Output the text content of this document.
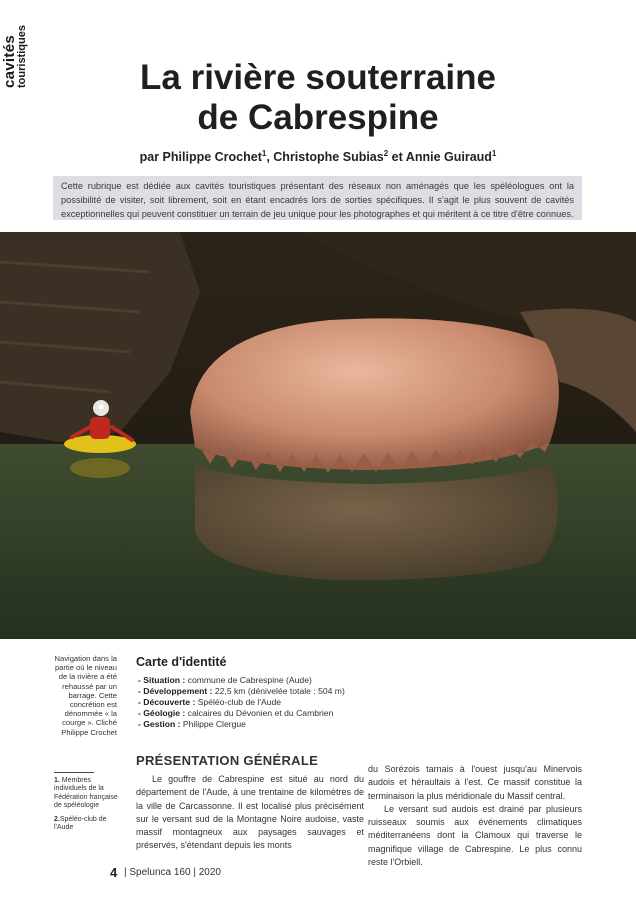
cavités
touristiques	La rivière souterraine
de Cabrespine
par Philippe Crochet$^1$, Christophe Subias$^2$ et Annie Guiraud$^1$
Cette rubrique est dédiée aux cavités touristiques présentant des réseaux non aménagés que les spéléologues ont la possibilité de visiter, soit librement, soit en étant encadrés lors de sorties spécifiques. Il s'agit le plus souvent de cavités exceptionnelles qui peuvent constituer un terrain de jeu unique pour les photographes et qui méritent à ce titre d'être connues.
Navigation dans la partie où le niveau de la rivière a été rehaussé par un barrage. Cette concrétion est dénommée « la courge ». Cliché Philippe Crochet

1. Membres individuels de la Fédération française de spéléologie

2.Spéléo-club de l'Aude

Carte d'identité
- Situation : commune de Cabrespine (Aude)
- Développement : 22,5 km (dénivelée totale : 504 m)
- Découverte : Spéléo-club de l'Aude
- Géologie : calcaires du Dévonien et du Cambrien
- Gestion : Philippe Clergue
PRÉSENTATION GÉNÉRALE

Le gouffre de Cabrespine est situé au nord du département de l'Aude, à une trentaine de kilomètres de la ville de Carcassonne. Il est localisé plus précisément sur le versant sud de la Montagne Noire audoise, vaste massif montagneux aux paysages sauvages et préservés, s'étendant depuis les monts

du Sorézois tarnais à l'ouest jusqu'au Minervois audois et héraultais à l'est. Ce massif constitue la terminaison la plus méridionale du Massif central.

Le versant sud audois est drainé par plusieurs ruisseaux soumis aux événements climatiques méditerranéens dont la Clamoux qui traverse le magnifique village de Cabrespine. Le plus connu reste l'Orbiell.

4 | Spelunca 160 | 2020
